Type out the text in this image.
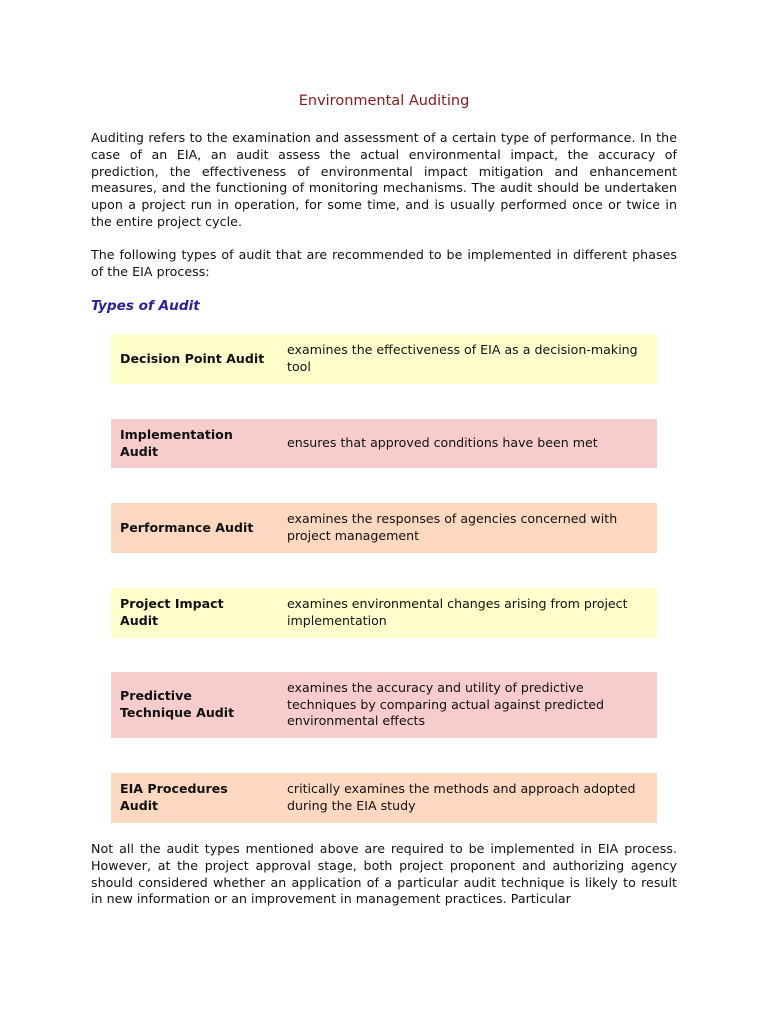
Environmental Auditing

Auditing refers to the examination and assessment of a certain type of performance. In the case of an EIA, an audit assess the actual environmental impact, the accuracy of prediction, the effectiveness of environmental impact mitigation and enhancement measures, and the functioning of monitoring mechanisms. The audit should be undertaken upon a project run in operation, for some time, and is usually performed once or twice in the entire project cycle.

The following types of audit that are recommended to be implemented in different phases of the EIA process:

Types of Audit
Decision Point Audit
examines the effectiveness of EIA as a decision-making tool
Implementation Audit
ensures that approved conditions have been met
Performance Audit
examines the responses of agencies concerned with project management
Project Impact Audit
examines environmental changes arising from project implementation
Predictive Technique Audit
examines the accuracy and utility of predictive techniques by comparing actual against predicted environmental effects
EIA Procedures Audit
critically examines the methods and approach adopted during the EIA study

Not all the audit types mentioned above are required to be implemented in EIA process. However, at the project approval stage, both project proponent and authorizing agency should considered whether an application of a particular audit technique is likely to result in new information or an improvement in management practices. Particular
